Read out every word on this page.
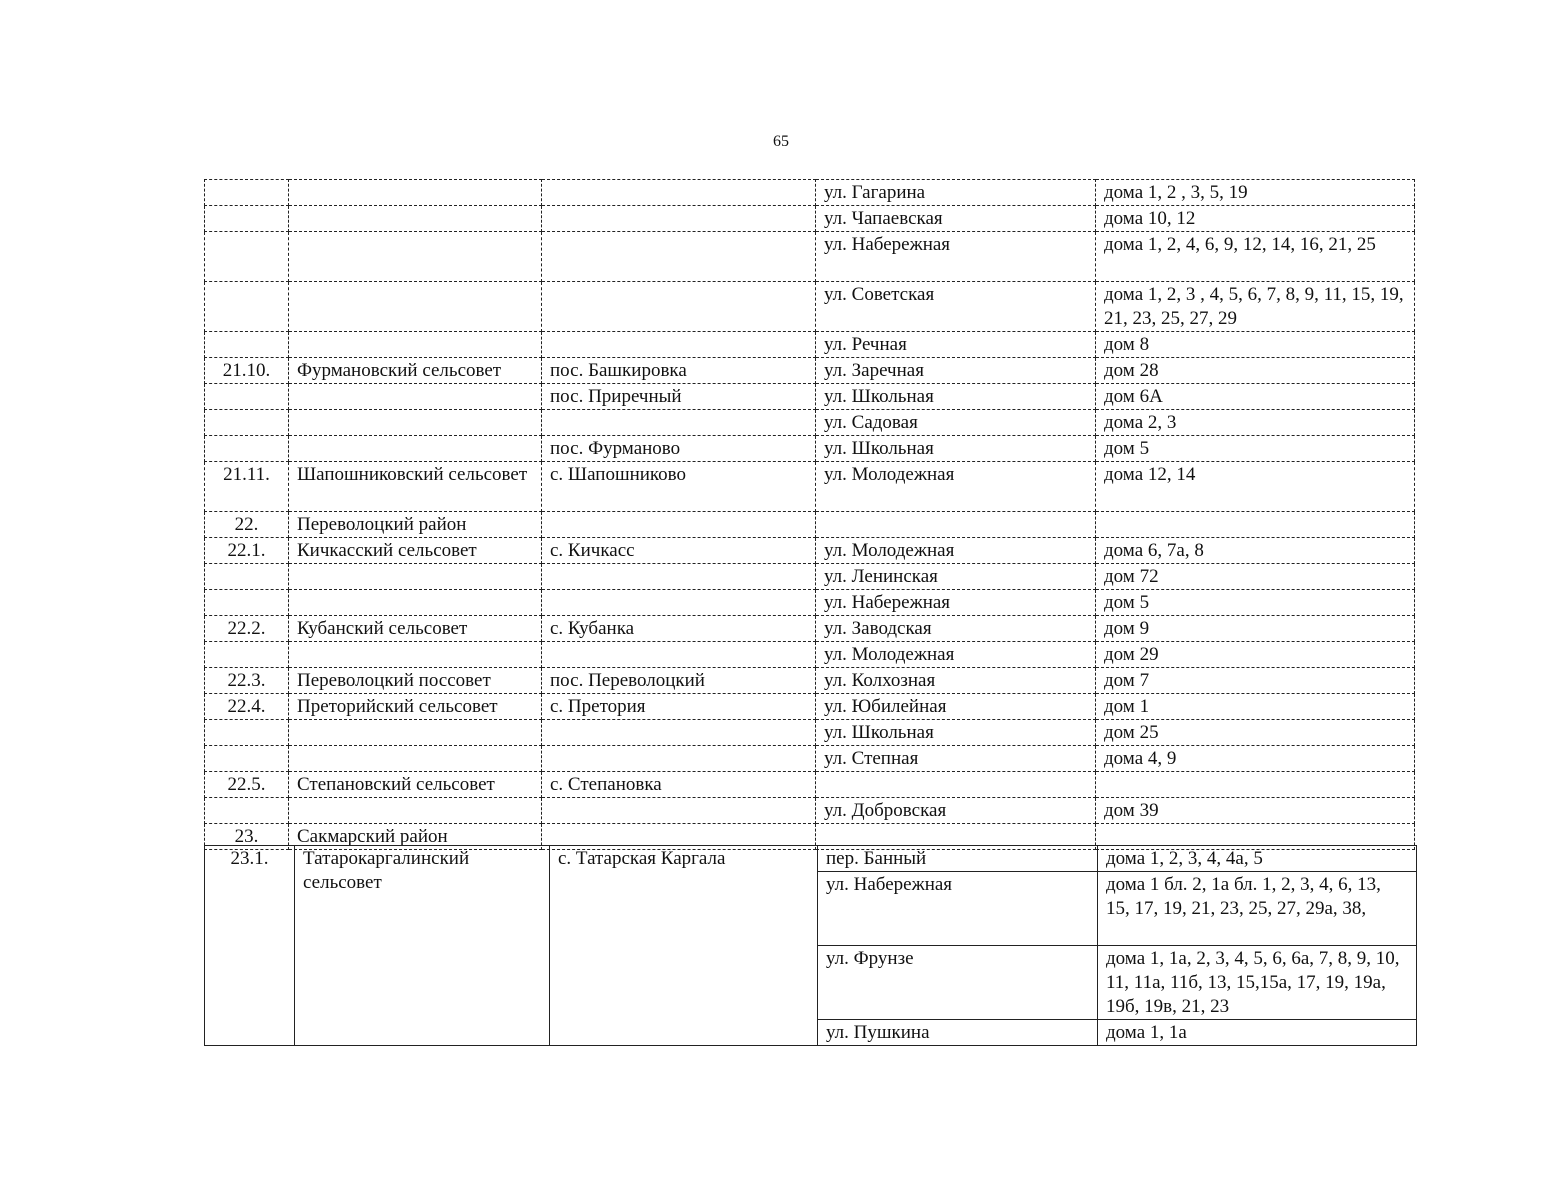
65
			ул. Гагарина	дома 1, 2 , 3, 5, 19
			ул. Чапаевская	дома 10, 12
			ул. Набережная	дома 1, 2, 4, 6, 9, 12, 14, 16, 21, 25
			ул. Советская	дома 1, 2, 3 , 4, 5, 6, 7, 8, 9, 11, 15, 19, 21, 23, 25, 27, 29
			ул. Речная	дом 8
21.10.	Фурмановский сельсовет	пос. Башкировка	ул. Заречная	дом 28
		пос. Приречный	ул. Школьная	дом 6А
			ул. Садовая	дома 2, 3
		пос. Фурманово	ул. Школьная	дом 5
21.11.	Шапошниковский сельсовет	с. Шапошниково	ул. Молодежная	дома 12, 14
22.	Переволоцкий район			
22.1.	Кичкасский сельсовет	с. Кичкасс	ул. Молодежная	дома 6, 7а, 8
			ул. Ленинская	дом 72
			ул. Набережная	дом 5
22.2.	Кубанский сельсовет	с. Кубанка	ул. Заводская	дом 9
			ул. Молодежная	дом 29
22.3.	Переволоцкий поссовет	пос. Переволоцкий	ул. Колхозная	дом 7
22.4.	Преторийский сельсовет	с. Претория	ул. Юбилейная	дом 1
			ул. Школьная	дом 25
			ул. Степная	дома 4, 9
22.5.	Степановский сельсовет	с. Степановка		
			ул. Добровская	дом 39
23.	Сакмарский район			
23.1.	Татарокаргалинский сельсовет	с. Татарская Каргала	пер. Банный	дома 1, 2, 3, 4, 4а, 5
			ул. Набережная	дома 1 бл. 2, 1а бл. 1, 2, 3, 4, 6, 13, 15, 17, 19, 21, 23, 25, 27, 29а, 38,
			ул. Фрунзе	дома 1, 1а, 2, 3, 4, 5, 6, 6а, 7, 8, 9, 10, 11, 11а, 11б, 13, 15,15а, 17, 19, 19а, 19б, 19в, 21, 23
			ул. Пушкина	дома 1, 1а
